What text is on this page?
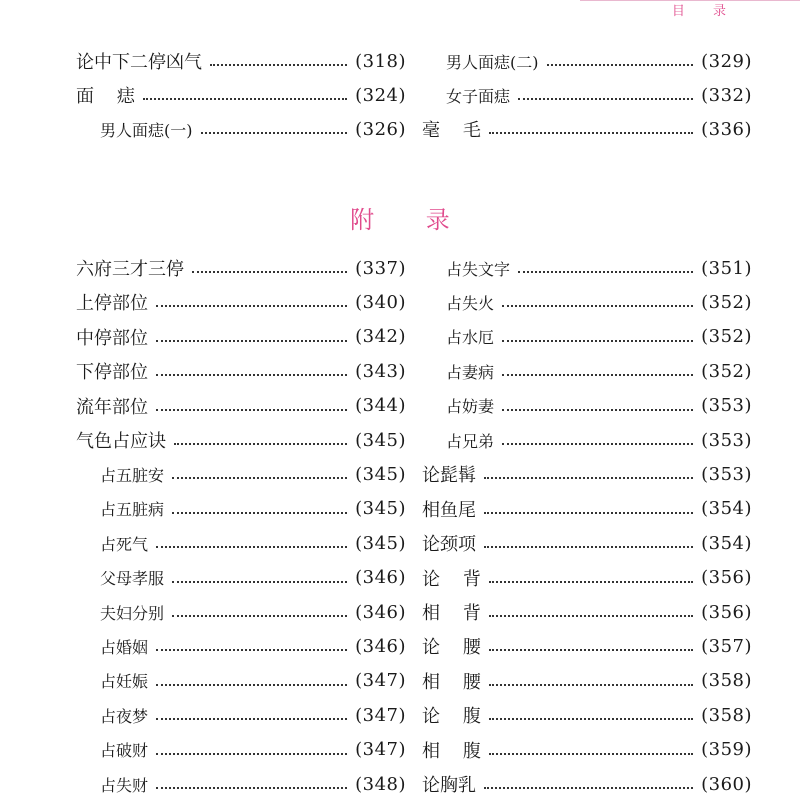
目 录
论中下二停凶气	(318)
面    痣	(324)
男人面痣(一)	(326)
男人面痣(二)	(329)
女子面痣	(332)
毫    毛	(336)
附 录
六府三才三停	(337)
上停部位	(340)
中停部位	(342)
下停部位	(343)
流年部位	(344)
气色占应诀	(345)
占五脏安	(345)
占五脏病	(345)
占死气	(345)
父母孝服	(346)
夫妇分别	(346)
占婚姻	(346)
占妊娠	(347)
占夜梦	(347)
占破财	(347)
占失财	(348)
占失文字	(351)
占失火	(352)
占水厄	(352)
占妻病	(352)
占妨妻	(353)
占兄弟	(353)
论髭髯	(353)
相鱼尾	(354)
论颈项	(354)
论    背	(356)
相    背	(356)
论    腰	(357)
相    腰	(358)
论    腹	(358)
相    腹	(359)
论胸乳	(360)
